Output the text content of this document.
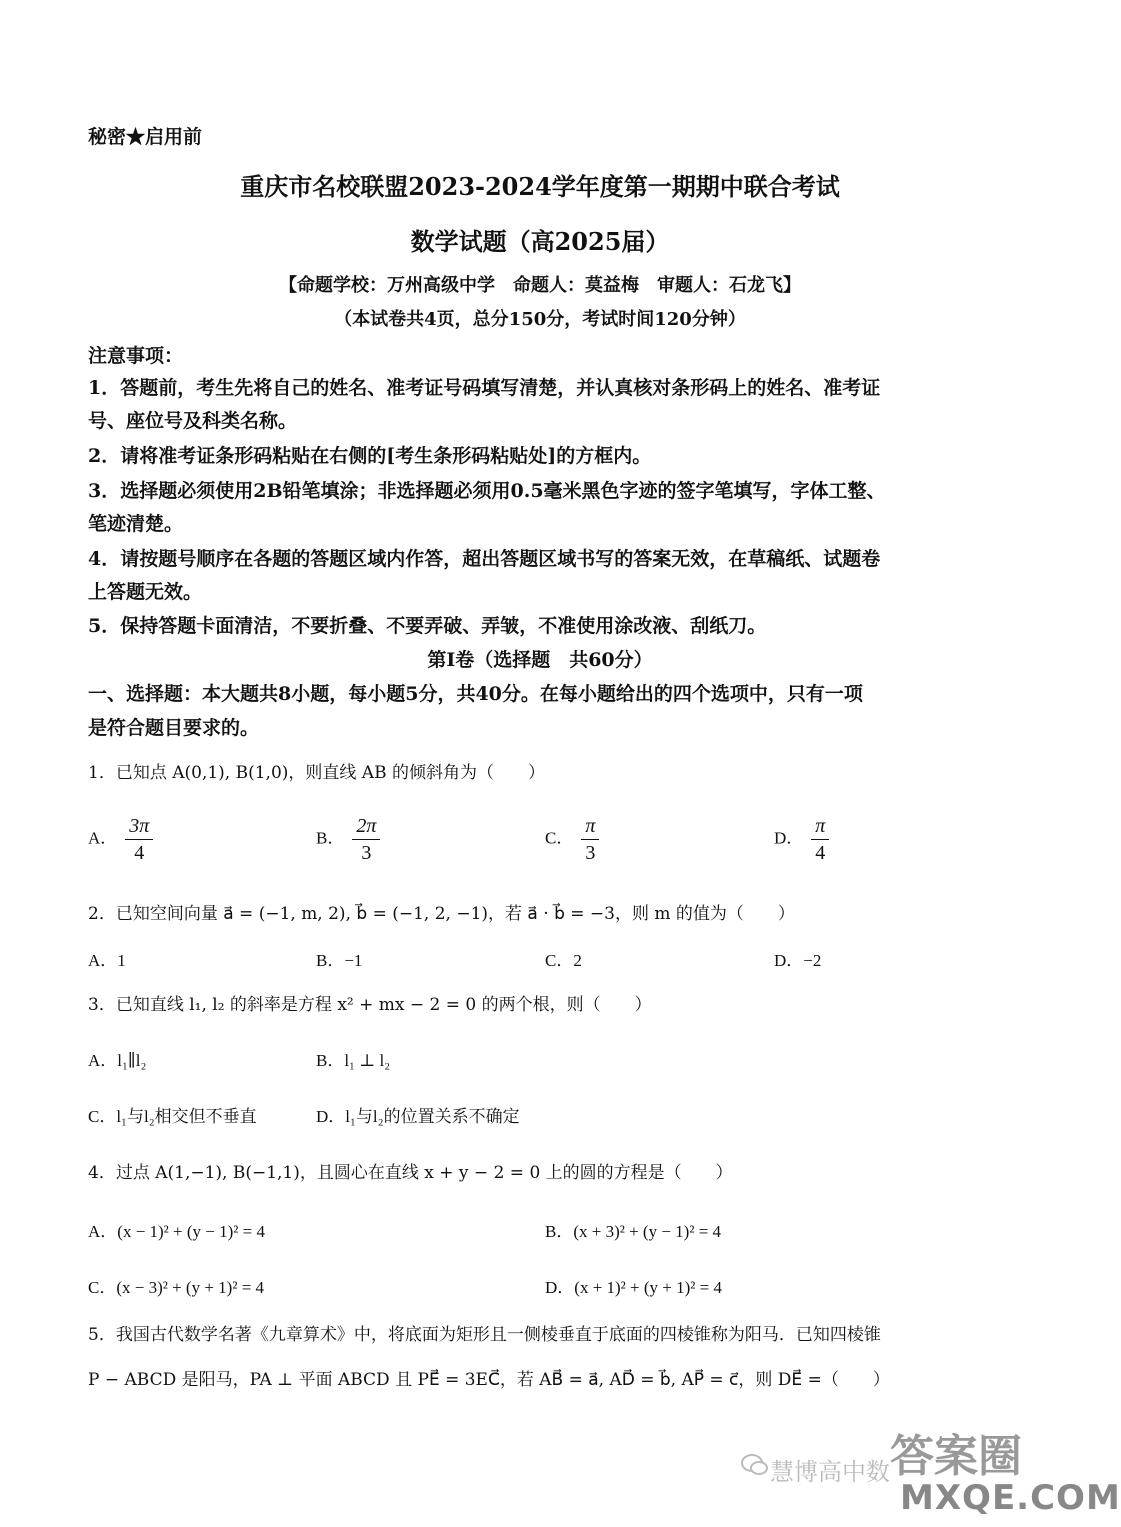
秘密★启用前
重庆市名校联盟2023-2024学年度第一期期中联合考试
数学试题（高2025届）
【命题学校：万州高级中学　命题人：莫益梅　审题人：石龙飞】
（本试卷共4页，总分150分，考试时间120分钟）
注意事项：
1．答题前，考生先将自己的姓名、准考证号码填写清楚，并认真核对条形码上的姓名、准考证
号、座位号及科类名称。
2．请将准考证条形码粘贴在右侧的[考生条形码粘贴处]的方框内。
3．选择题必须使用2B铅笔填涂；非选择题必须用0.5毫米黑色字迹的签字笔填写，字体工整、
笔迹清楚。
4．请按题号顺序在各题的答题区域内作答，超出答题区域书写的答案无效，在草稿纸、试题卷
上答题无效。
5．保持答题卡面清洁，不要折叠、不要弄破、弄皱，不准使用涂改液、刮纸刀。
第Ⅰ卷（选择题　共60分）
一、选择题：本大题共8小题，每小题5分，共40分。在每小题给出的四个选项中，只有一项
是符合题目要求的。
1．已知点 A(0,1), B(1,0)，则直线 AB 的倾斜角为（　　）
A． $\frac{3\pi}{4}$	B． $\frac{2\pi}{3}$	C． $\frac{\pi}{3}$	D． $\frac{\pi}{4}$
2．已知空间向量 a⃗ = (−1, m, 2), b⃗ = (−1, 2, −1)，若 a⃗ · b⃗ = −3，则 m 的值为（　　）
A．1	B．−1	C．2	D．−2
3．已知直线 l₁, l₂ 的斜率是方程 x² + mx − 2 = 0 的两个根，则（　　）
A．l₁∥l₂	B．l₁ ⊥ l₂
C．l₁与l₂相交但不垂直	D．l₁与l₂的位置关系不确定
4．过点 A(1,−1), B(−1,1)，且圆心在直线 x + y − 2 = 0 上的圆的方程是（　　）
A．(x − 1)² + (y − 1)² = 4	B．(x + 3)² + (y − 1)² = 4
C．(x − 3)² + (y + 1)² = 4	D．(x + 1)² + (y + 1)² = 4
5．我国古代数学名著《九章算术》中，将底面为矩形且一侧棱垂直于底面的四棱锥称为阳马．已知四棱锥
P − ABCD 是阳马，PA ⊥ 平面 ABCD 且 PE⃗ = 3EC⃗，若 AB⃗ = a⃗, AD⃗ = b⃗, AP⃗ = c⃗，则 DE⃗ =（　　）
慧博高中数 答案圈
MXQE.COM
